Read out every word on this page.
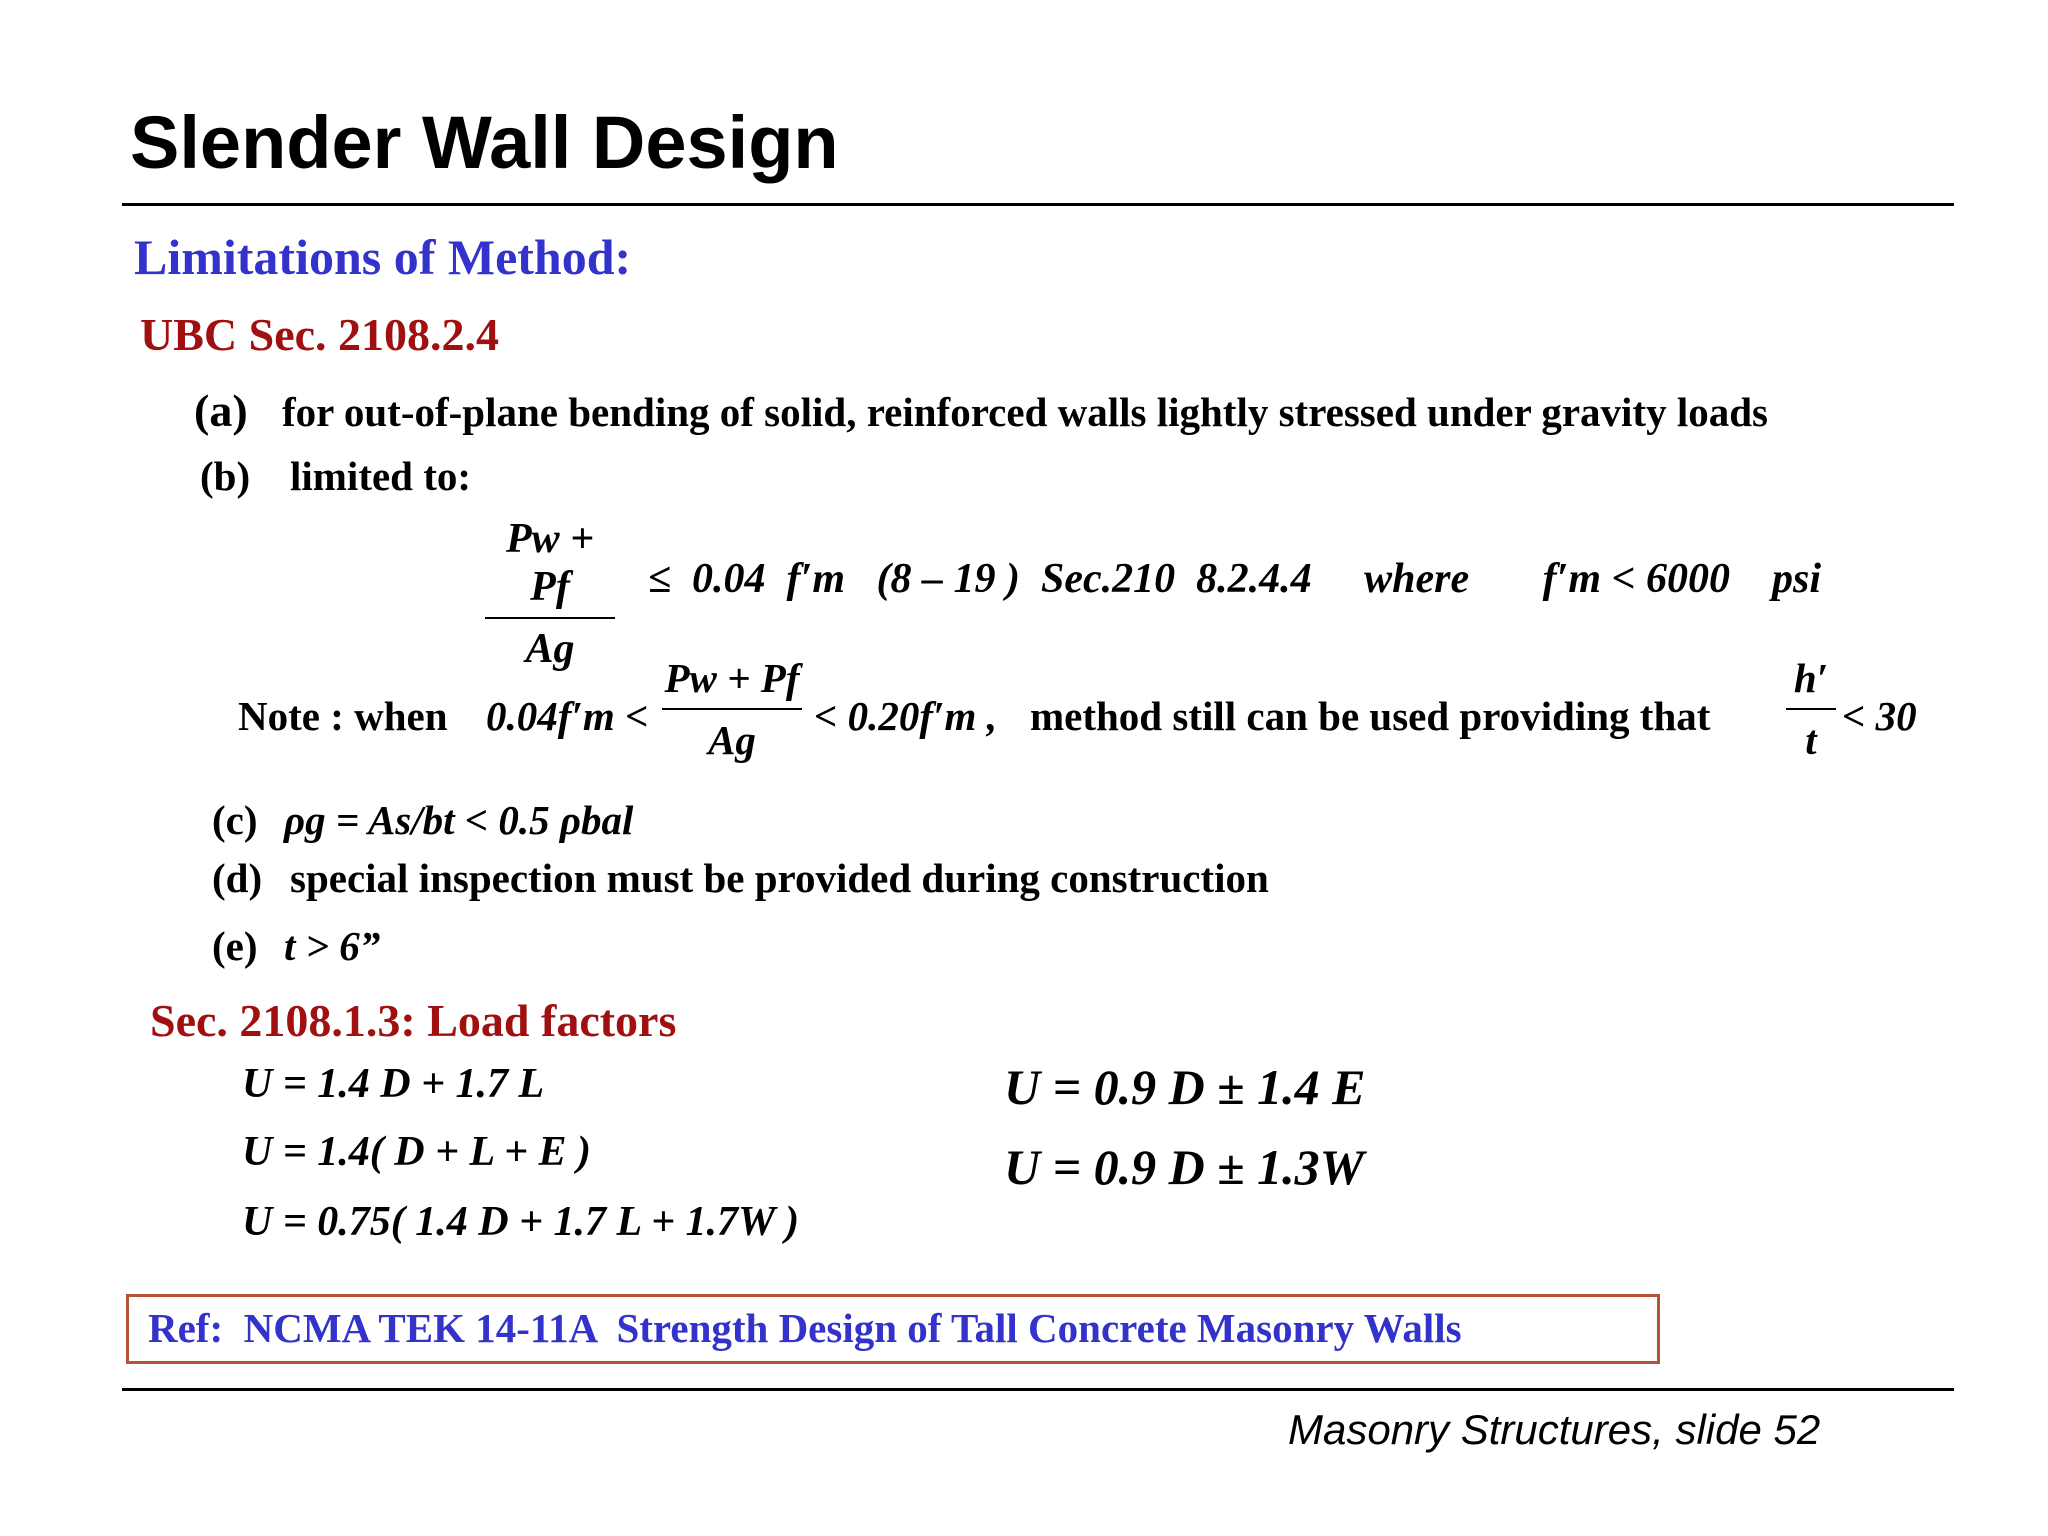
Slender Wall Design
Limitations of Method:
UBC Sec. 2108.2.4
(a) for out-of-plane bending of solid, reinforced walls lightly stressed under gravity loads
(b) limited to:
Pw + Pf
Ag
≤  0.04  f′m   (8 – 19 )  Sec.210  8.2.4.4     where       f′m < 6000    psi
Note : when 0.04f′m <
Pw + Pf
Ag
< 0.20f′m , method still can be used providing that
h′
t
< 30
(c) ρg = As/bt < 0.5 ρbal
(d) special inspection must be provided during construction
(e) t > 6”
Sec. 2108.1.3: Load factors
U = 1.4 D + 1.7 L
U = 1.4( D + L + E )
U = 0.75( 1.4 D + 1.7 L + 1.7W )
U = 0.9 D ± 1.4 E
U = 0.9 D ± 1.3W
Ref:  NCMA TEK 14-11A  Strength Design of Tall Concrete Masonry Walls
Masonry Structures, slide 52
